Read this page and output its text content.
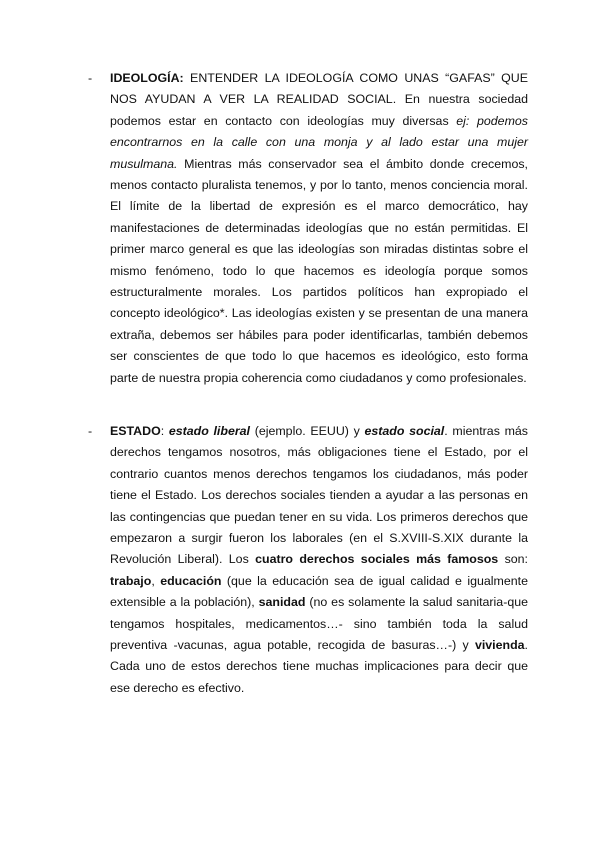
- IDEOLOGÍA: ENTENDER LA IDEOLOGÍA COMO UNAS “GAFAS” QUE NOS AYUDAN A VER LA REALIDAD SOCIAL. En nuestra sociedad podemos estar en contacto con ideologías muy diversas ej: podemos encontrarnos en la calle con una monja y al lado estar una mujer musulmana. Mientras más conservador sea el ámbito donde crecemos, menos contacto pluralista tenemos, y por lo tanto, menos conciencia moral. El límite de la libertad de expresión es el marco democrático, hay manifestaciones de determinadas ideologías que no están permitidas. El primer marco general es que las ideologías son miradas distintas sobre el mismo fenómeno, todo lo que hacemos es ideología porque somos estructuralmente morales. Los partidos políticos han expropiado el concepto ideológico*. Las ideologías existen y se presentan de una manera extraña, debemos ser hábiles para poder identificarlas, también debemos ser conscientes de que todo lo que hacemos es ideológico, esto forma parte de nuestra propia coherencia como ciudadanos y como profesionales.
- ESTADO: estado liberal (ejemplo. EEUU) y estado social. mientras más derechos tengamos nosotros, más obligaciones tiene el Estado, por el contrario cuantos menos derechos tengamos los ciudadanos, más poder tiene el Estado. Los derechos sociales tienden a ayudar a las personas en las contingencias que puedan tener en su vida. Los primeros derechos que empezaron a surgir fueron los laborales (en el S.XVIII-S.XIX durante la Revolución Liberal). Los cuatro derechos sociales más famosos son: trabajo, educación (que la educación sea de igual calidad e igualmente extensible a la población), sanidad (no es solamente la salud sanitaria-que tengamos hospitales, medicamentos…- sino también toda la salud preventiva -vacunas, agua potable, recogida de basuras…-) y vivienda. Cada uno de estos derechos tiene muchas implicaciones para decir que ese derecho es efectivo.
